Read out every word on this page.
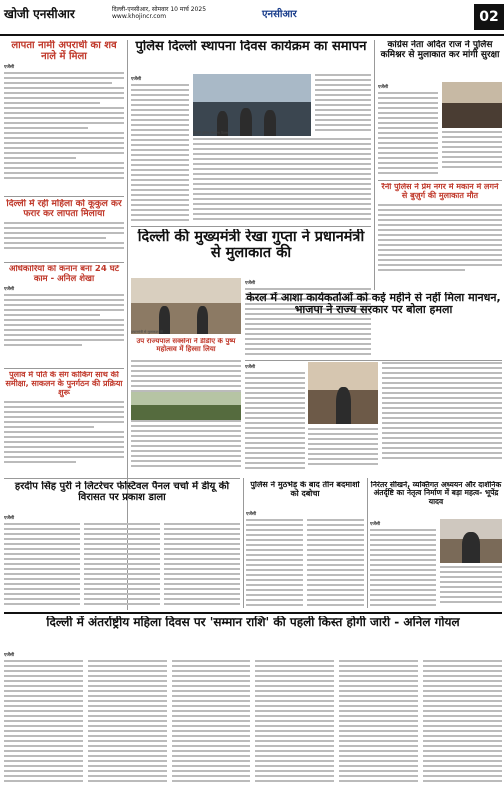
खोजी एनसीआर	दिल्ली-एनसीआर, सोमवार 10 मार्च 2025
www.khojincr.com	एनसीआर	02
लापता नामी अपराधी का शव नाले में मिला
एजेंसी
दिल्ली में रही महिला को कूकुल कर फरार कर लापता मिलाया
अधिकारियों को कनान बना 24 घंटे काम - अनिल शेखा
एजेंसी
पुलाव में पति के संग कोकिंग साथ की समीक्षा, साकलन के पुनर्गठन की प्रक्रिया शुरू
पुलिस दिल्ली स्थापना दिवस कार्यक्रम का समापन
एजेंसी
कांग्रेस नेता अदित राज ने पुलिस कमिश्नर से मुलाकात कर मांगी सुरक्षा
एजेंसी
रैनी पुलिस ने प्रेम नगर में मकान में लगने से बुज़ुर्ग की मुलाकात मौत
दिल्ली की मुख्यमंत्री रेखा गुप्ता ने प्रधानमंत्री से मुलाकात की
एजेंसी
उप राज्यपाल सक्सेना ने डीडीए के पुष्प महोत्सव में हिस्सा लिया
केरल में आशा कार्यकर्ताओं को कई महीने से नहीं मिला मानधन, भाजपा ने राज्य सरकार पर बोला हमला
एजेंसी
हरदीप सिंह पुरी ने लिटरेचर फेस्टिवल पैनल चर्चा में डीयू की विरासत पर प्रकाश डाला
एजेंसी
पुलिस ने मुठभेड़ के बाद तीन बदमाशों को दबोचा
एजेंसी
निरंतर सीखने, व्यक्तिगत अध्ययन और दार्शनिक अंतर्दृष्टि का नेतृत्व निर्माण में बड़ा महत्व- भूपेंद्र यादव
एजेंसी
दिल्ली में अंतर्राष्ट्रीय महिला दिवस पर 'सम्मान राशि' की पहली किस्त होगी जारी - अनिल गोयल
एजेंसी
दिल्ली पुलिस स्थापना दिवस
प्रधानमंत्री से मुलाकात की
